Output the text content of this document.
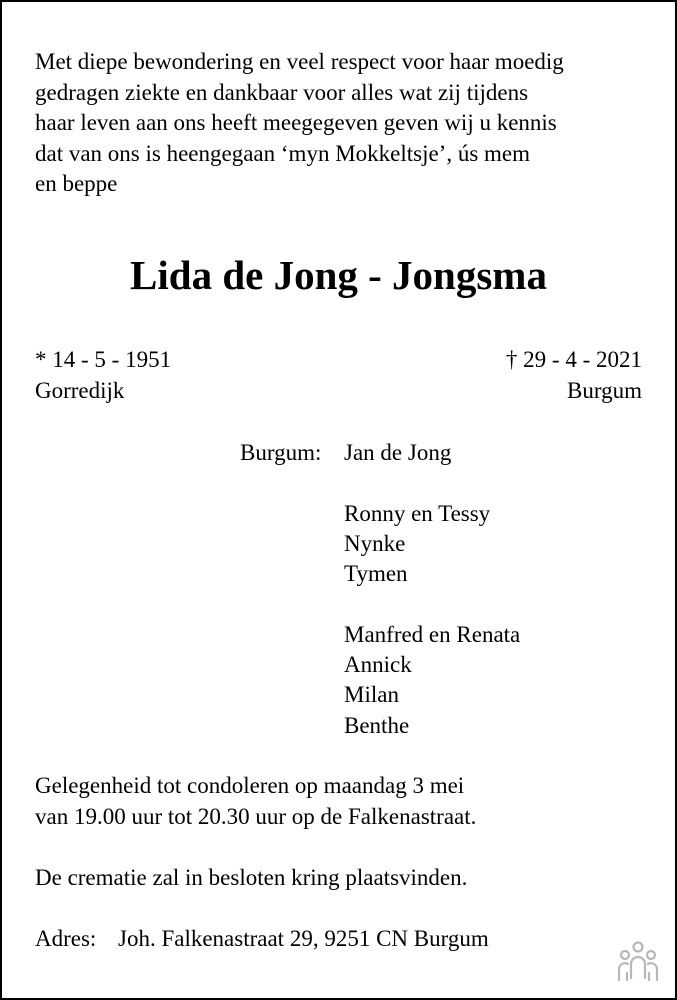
Met diepe bewondering en veel respect voor haar moedig
gedragen ziekte en dankbaar voor alles wat zij tijdens
haar leven aan ons heeft meegegeven geven wij u kennis
dat van ons is heengegaan ‘myn Mokkeltsje’, ús mem
en beppe
Lida de Jong - Jongsma
* 14 - 5 - 1951
Gorredijk
† 29 - 4 - 2021
Burgum
Burgum: Jan de Jong
Ronny en Tessy
Nynke
Tymen
Manfred en Renata
Annick
Milan
Benthe
Gelegenheid tot condoleren op maandag 3 mei
van 19.00 uur tot 20.30 uur op de Falkenastraat.
De crematie zal in besloten kring plaatsvinden.
Adres: Joh. Falkenastraat 29, 9251 CN Burgum
